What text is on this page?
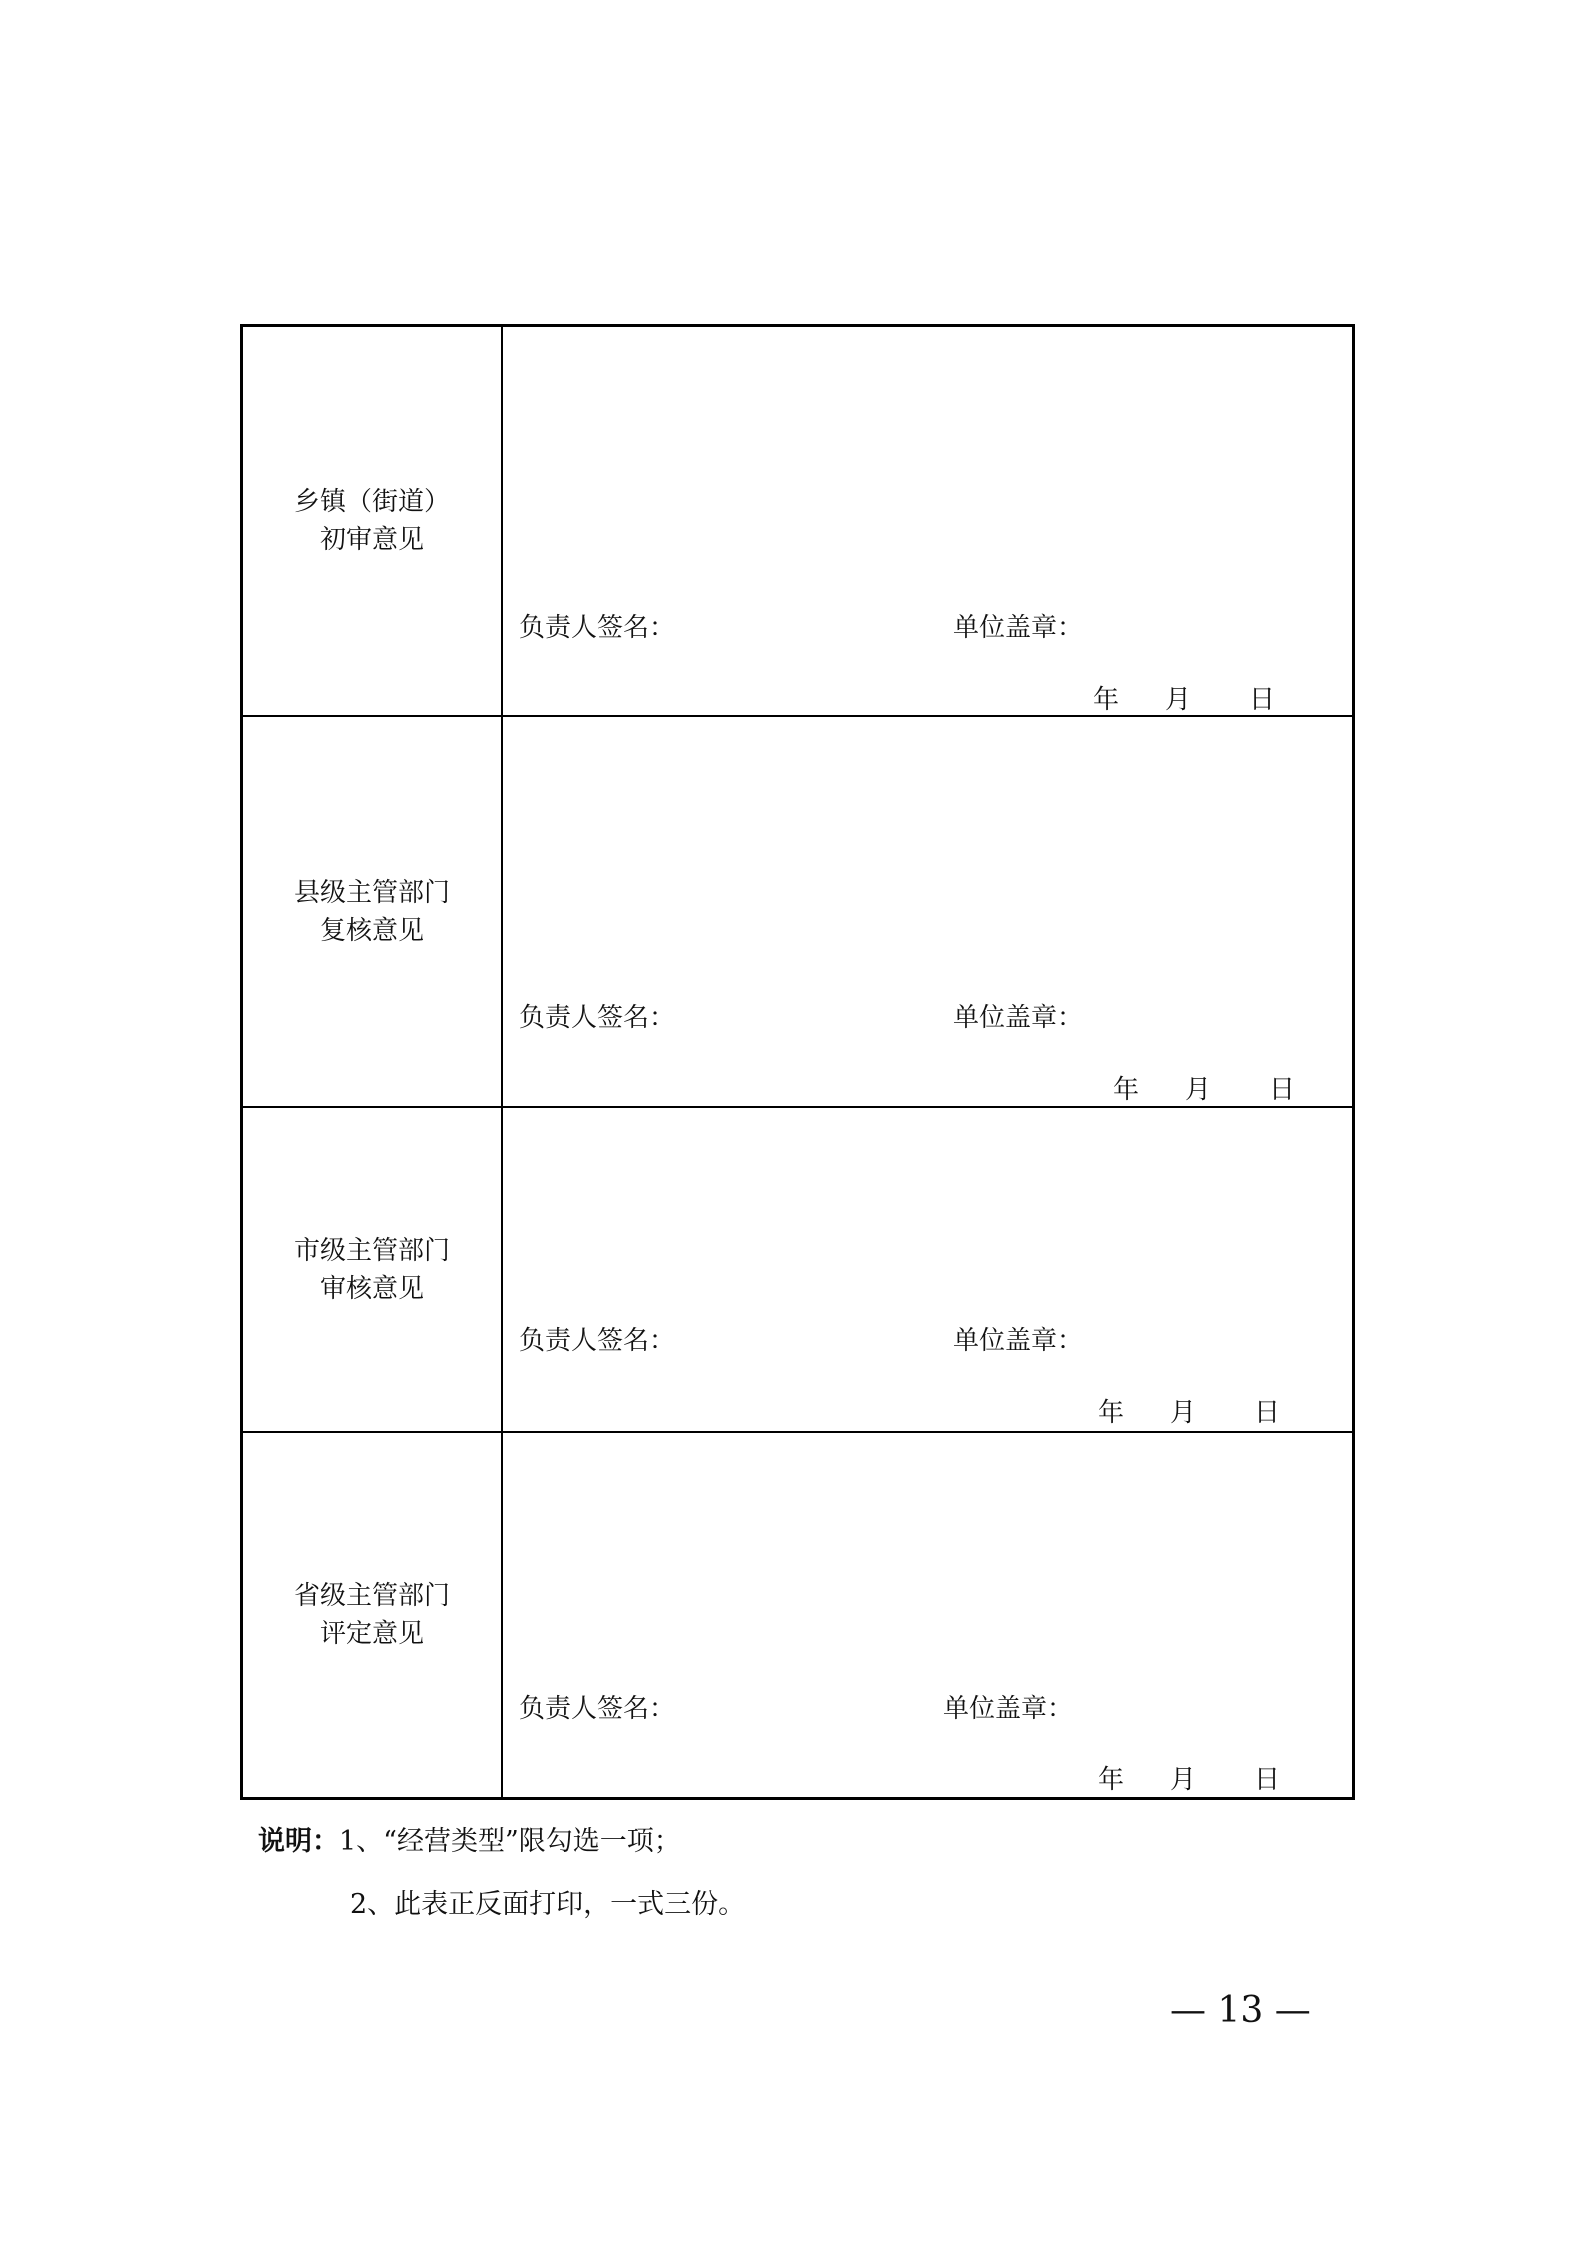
乡镇（街道）
初审意见
负责人签名：	单位盖章：
年	月	日
县级主管部门
复核意见
负责人签名：	单位盖章：
年	月	日
市级主管部门
审核意见
负责人签名：	单位盖章：
年	月	日
省级主管部门
评定意见
负责人签名：	单位盖章：
年	月	日
说明：1、“经营类型”限勾选一项；
2、此表正反面打印，一式三份。
— 13 —
